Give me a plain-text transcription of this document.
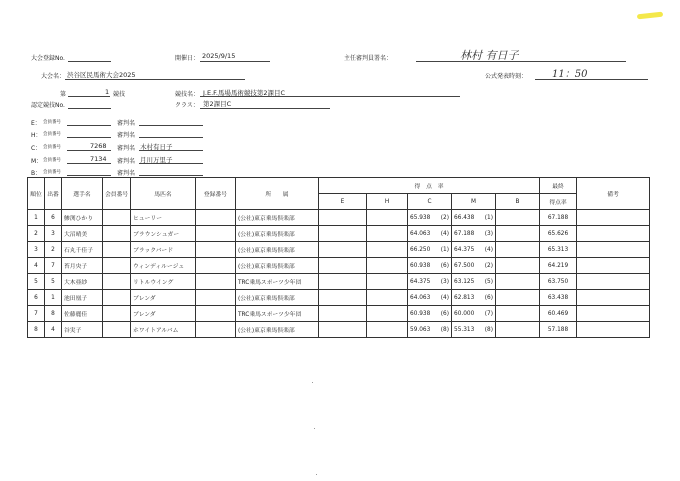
大会登録No.	開催日： 2025/9/15	主任審判員署名：	林村 有日子
大会名： 渋谷区民馬術大会2025	公式発表時刻： 11：50
第	1 競技	競技名： J.E.F.馬場馬術競技第2課目C
認定競技No.	クラス： 第2課目C
E： 会員番号	審判名
H： 会員番号	審判名
C： 会員番号	7268 審判名 木村有日子
M： 会員番号	7134 審判名 月川万里子
B： 会員番号	審判名
順位	出番	選手名	会員番号	馬匹名	登録番号	所　　属	得　点　率					最終	備考
							E	H	C	M	B	得点率	
1	6	鯵渕ひかり		ヒューリー		(公社)東京乗馬倶楽部			65.938 (2)	66.438 (1)		67.188	
2	3	大沼晴美		ブラウンシュガー		(公社)東京乗馬倶楽部			64.063 (4)	67.188 (3)		65.626	
3	2	石丸千佳子		ブラックバード		(公社)東京乗馬倶楽部			66.250 (1)	64.375 (4)		65.313	
4	7	苔月央子		ウィンディルージュ		(公社)東京乗馬倶楽部			60.938 (6)	67.500 (2)		64.219	
5	5	大木亜紗		リトルウイング		TRC乗馬スポーツ少年団			64.375 (3)	63.125 (5)		63.750	
6	1	池田凰子		ブレンダ		(公社)東京乗馬倶楽部			64.063 (4)	62.813 (6)		63.438	
7	8	佐藤麗佳		ブレンダ		TRC乗馬スポーツ少年団			60.938 (6)	60.000 (7)		60.469	
8	4	谷実子		ホワイトアルバム		(公社)東京乗馬倶楽部			59.063 (8)	55.313 (8)		57.188	
